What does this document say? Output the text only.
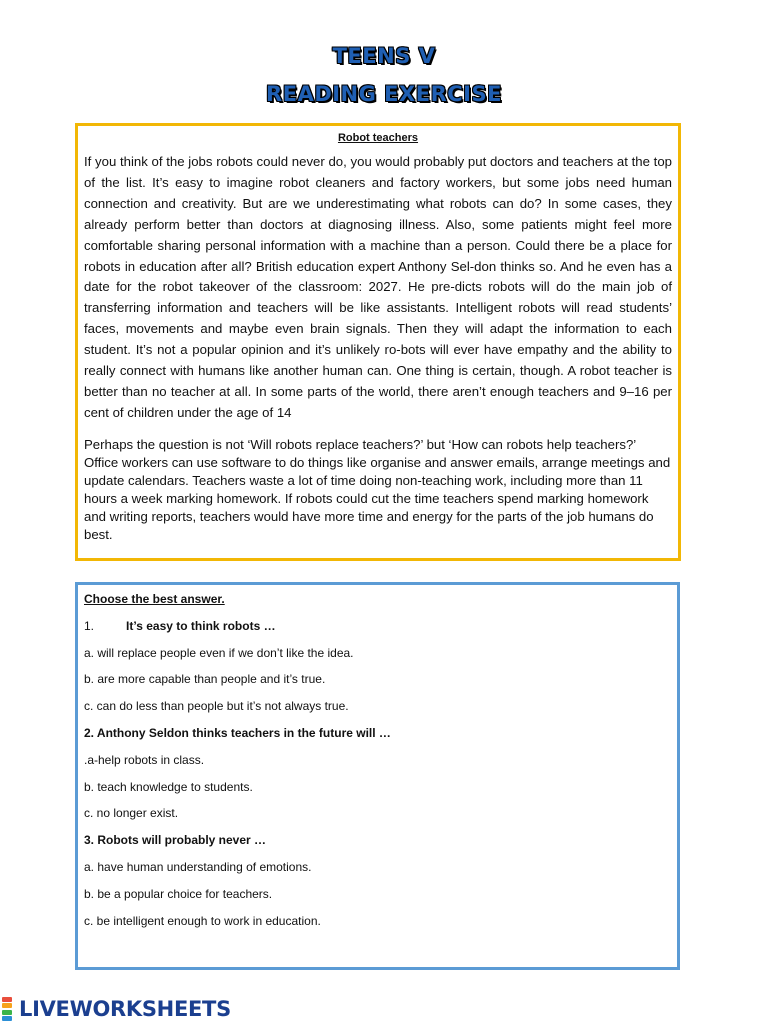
TEENS V
READING EXERCISE
Robot teachers

If you think of the jobs robots could never do, you would probably put doctors and teachers at the top of the list. It’s easy to imagine robot cleaners and factory workers, but some jobs need human connection and creativity. But are we underestimating what robots can do? In some cases, they already perform better than doctors at diagnosing illness. Also, some patients might feel more comfortable sharing personal information with a machine than a person. Could there be a place for robots in education after all? British education expert Anthony Sel-don thinks so. And he even has a date for the robot takeover of the classroom: 2027. He pre-dicts robots will do the main job of transferring information and teachers will be like assistants. Intelligent robots will read students’ faces, movements and maybe even brain signals. Then they will adapt the information to each student. It’s not a popular opinion and it’s unlikely ro-bots will ever have empathy and the ability to really connect with humans like another human can. One thing is certain, though. A robot teacher is better than no teacher at all. In some parts of the world, there aren’t enough teachers and 9–16 per cent of children under the age of 14

Perhaps the question is not ‘Will robots replace teachers?’ but ‘How can robots help teachers?’ Office workers can use software to do things like organise and answer emails, arrange meetings and update calendars. Teachers waste a lot of time doing non-teaching work, including more than 11 hours a week marking homework. If robots could cut the time teachers spend marking homework and writing reports, teachers would have more time and energy for the parts of the job humans do best.

Choose the best answer.
1.	It’s easy to think robots …
a. will replace people even if we don’t like the idea.
b. are more capable than people and it’s true.
c. can do less than people but it’s not always true.
2. Anthony Seldon thinks teachers in the future will …
.a-help robots in class.
b. teach knowledge to students.
c. no longer exist.
3. Robots will probably never …
a. have human understanding of emotions.
b. be a popular choice for teachers.
c. be intelligent enough to work in education.
LIVEWORKSHEETS
